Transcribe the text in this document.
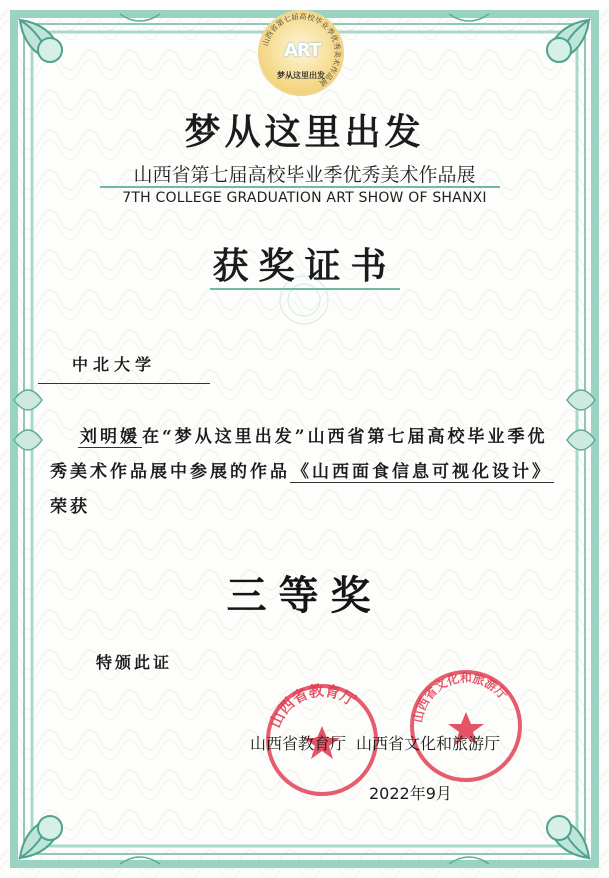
山西省第七届高校毕业季优秀美术作品展
ART
梦从这里出发
梦从这里出发
山西省第七届高校毕业季优秀美术作品展
7TH COLLEGE GRADUATION ART SHOW OF SHANXI
获奖证书
中北大学
刘明媛 在“梦从这里出发”山西省第七届高校毕业季优秀美术作品展中参展的作品 《山西面食信息可视化设计》荣获
三等奖
特颁此证
山西省教育厅
山西省文化和旅游厅
山西省教育厅 山西省文化和旅游厅
2022年9月
